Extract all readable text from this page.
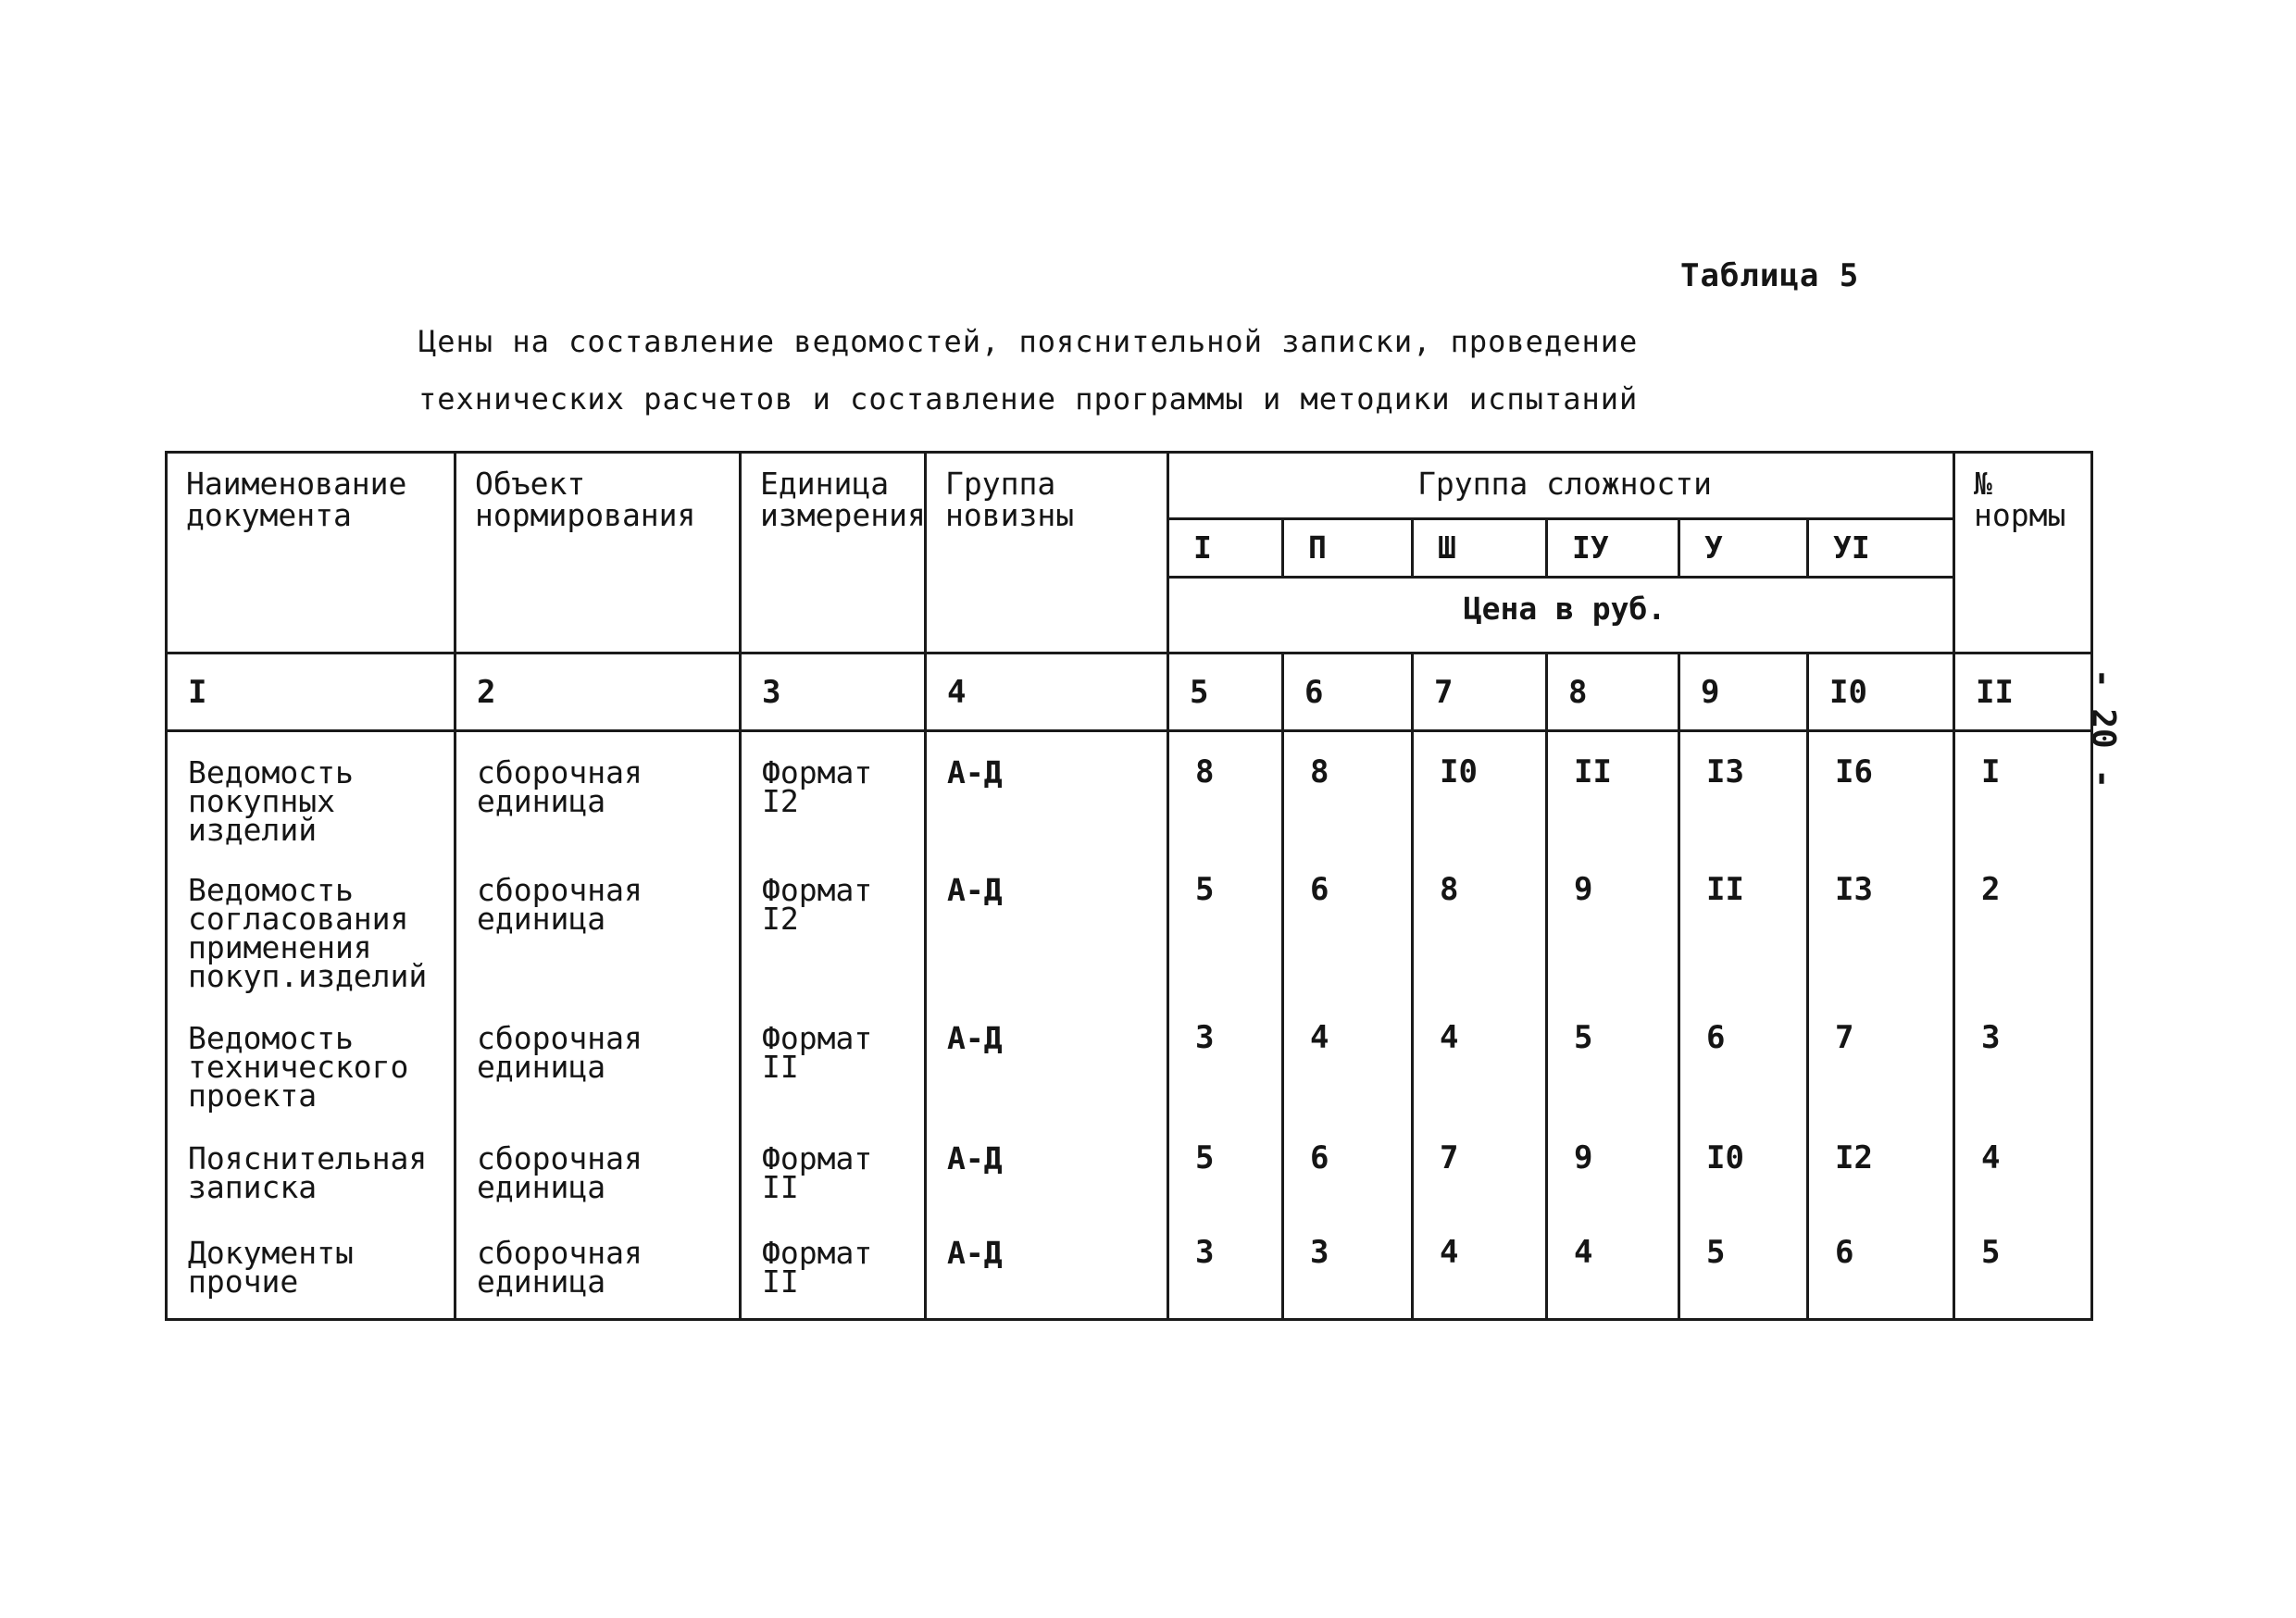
Таблица 5
Цены на составление ведомостей, пояснительной записки, проведение технических расчетов и составление программы и методики испытаний
- 20 -
Наименование документа	Объект нормирования	Единица измерения	Группа новизны	Группа сложности						№ нормы
				I	П	Ш	IУ	У	УI	
				Цена в руб.						
I	2	3	4	5	6	7	8	9	I0	II
Ведомость покупных изделий	сборочная единица	Формат I2	А-Д	8	8	I0	II	I3	I6	I
Ведомость согласования применения покуп.изделий	сборочная единица	Формат I2	А-Д	5	6	8	9	II	I3	2
Ведомость технического проекта	сборочная единица	Формат II	А-Д	3	4	4	5	6	7	3
Пояснительная записка	сборочная единица	Формат II	А-Д	5	6	7	9	I0	I2	4
Документы прочие	сборочная единица	Формат II	А-Д	3	3	4	4	5	6	5
